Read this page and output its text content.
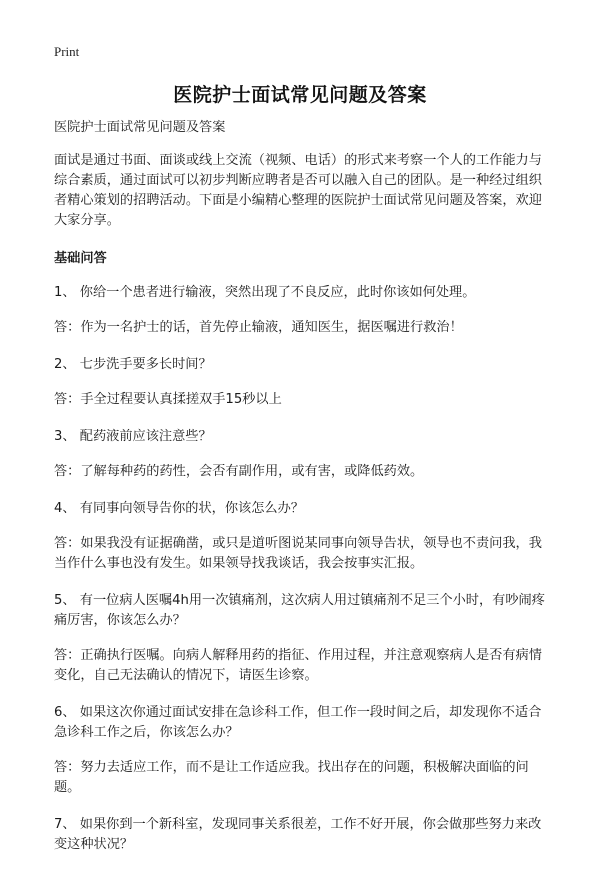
Print
医院护士面试常见问题及答案

医院护士面试常见问题及答案

面试是通过书面、面谈或线上交流（视频、电话）的形式来考察一个人的工作能力与综合素质，通过面试可以初步判断应聘者是否可以融入自己的团队。是一种经过组织者精心策划的招聘活动。下面是小编精心整理的医院护士面试常见问题及答案，欢迎大家分享。

基础问答

1、 你给一个患者进行输液，突然出现了不良反应，此时你该如何处理。

答：作为一名护士的话，首先停止输液，通知医生，据医嘱进行救治！

2、 七步洗手要多长时间？

答：手全过程要认真揉搓双手15秒以上

3、 配药液前应该注意些？

答：了解每种药的药性，会否有副作用，或有害，或降低药效。

4、 有同事向领导告你的状，你该怎么办？

答：如果我没有证据确凿，或只是道听图说某同事向领导告状，领导也不责问我，我当作什么事也没有发生。如果领导找我谈话，我会按事实汇报。

5、 有一位病人医嘱4h用一次镇痛剂，这次病人用过镇痛剂不足三个小时，有吵闹疼痛厉害，你该怎么办？

答：正确执行医嘱。向病人解释用药的指征、作用过程，并注意观察病人是否有病情变化，自己无法确认的情况下，请医生诊察。

6、 如果这次你通过面试安排在急诊科工作，但工作一段时间之后，却发现你不适合急诊科工作之后，你该怎么办？

答：努力去适应工作，而不是让工作适应我。找出存在的问题，积极解决面临的问题。

7、 如果你到一个新科室，发现同事关系很差，工作不好开展，你会做那些努力来改变这种状况？
